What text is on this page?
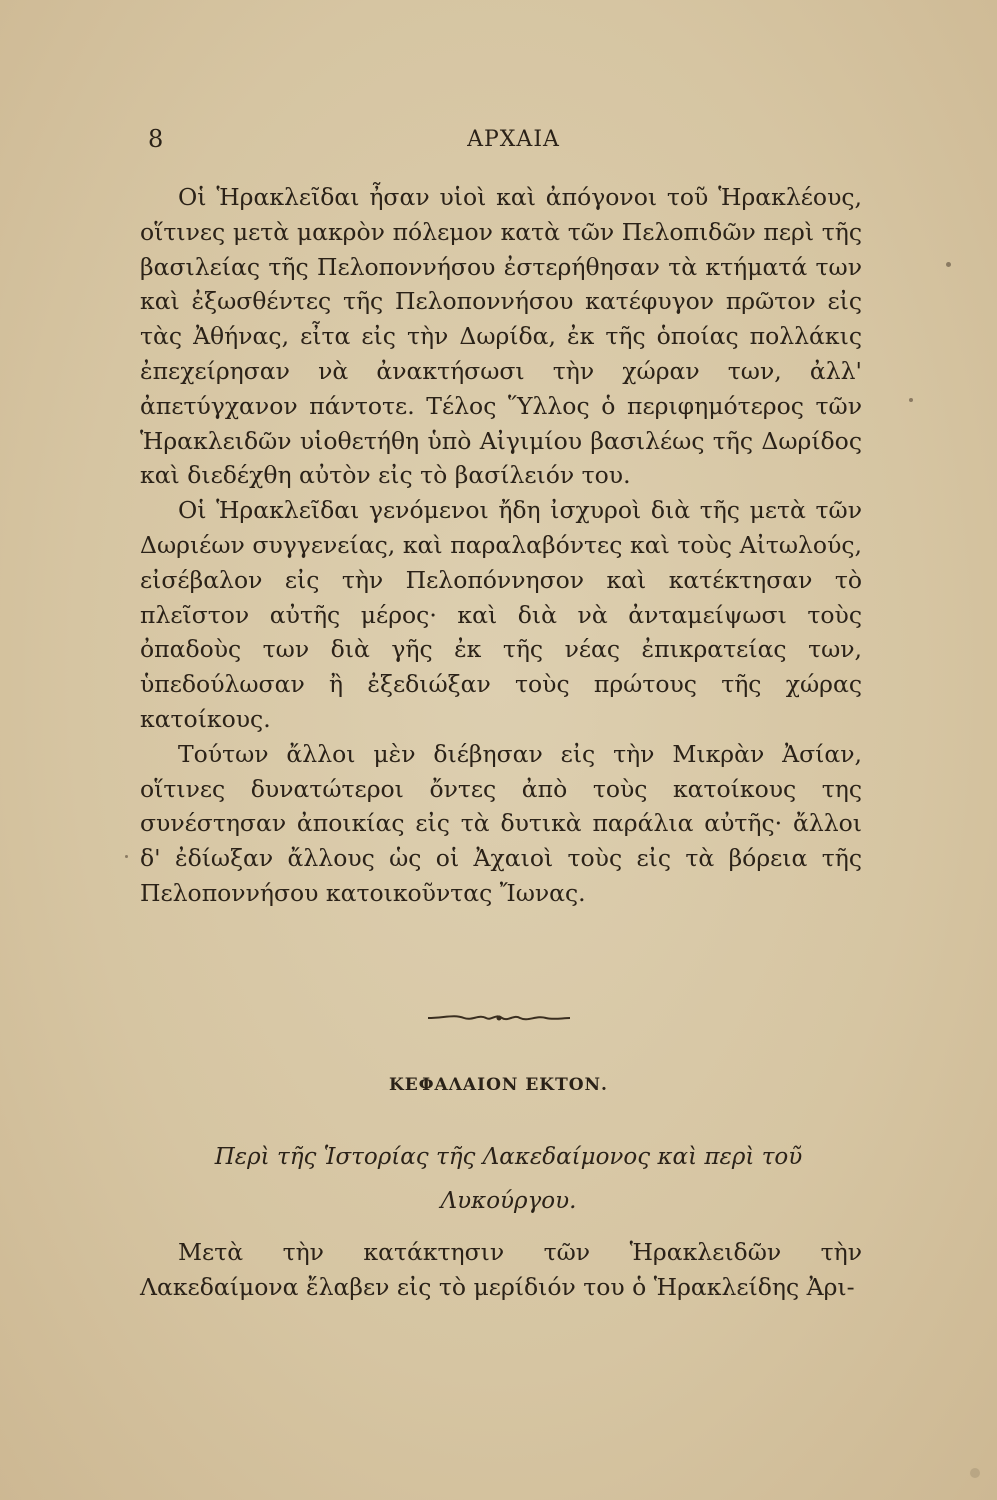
8	ΑΡΧΑΙΑ

Οἱ Ἡρακλεῖδαι ἦσαν υἱοὶ καὶ ἀπόγονοι τοῦ Ἡρακλέους, οἵτινες μετὰ μακρὸν πόλεμον κατὰ τῶν Πελοπιδῶν περὶ τῆς βασιλείας τῆς Πελοποννήσου ἐστερήθησαν τὰ κτήματά των καὶ ἐξωσθέντες τῆς Πελοποννήσου κατέφυγον πρῶτον εἰς τὰς Ἀθήνας, εἶτα εἰς τὴν Δωρίδα, ἐκ τῆς ὁποίας πολλάκις ἐπεχείρησαν νὰ ἀνακτήσωσι τὴν χώραν των, ἀλλ' ἀπετύγχανον πάντοτε. Τέλος Ὕλλος ὁ περιφημότερος τῶν Ἡρακλειδῶν υἱοθετήθη ὑπὸ Αἰγιμίου βασιλέως τῆς Δωρίδος καὶ διεδέχθη αὐτὸν εἰς τὸ βασίλειόν του.

Οἱ Ἡρακλεῖδαι γενόμενοι ἤδη ἰσχυροὶ διὰ τῆς μετὰ τῶν Δωριέων συγγενείας, καὶ παραλαβόντες καὶ τοὺς Αἰτωλούς, εἰσέβαλον εἰς τὴν Πελοπόννησον καὶ κατέκτησαν τὸ πλεῖστον αὐτῆς μέρος· καὶ διὰ νὰ ἀνταμείψωσι τοὺς ὀπαδοὺς των διὰ γῆς ἐκ τῆς νέας ἐπικρατείας των, ὑπεδούλωσαν ἢ ἐξεδιώξαν τοὺς πρώτους τῆς χώρας κατοίκους.

Τούτων ἄλλοι μὲν διέβησαν εἰς τὴν Μικρὰν Ἀσίαν, οἵτινες δυνατώτεροι ὄντες ἀπὸ τοὺς κατοίκους της συνέστησαν ἀποικίας εἰς τὰ δυτικὰ παράλια αὐτῆς· ἄλλοι δ' ἐδίωξαν ἄλλους ὡς οἱ Ἀχαιοὶ τοὺς εἰς τὰ βόρεια τῆς Πελοποννήσου κατοικοῦντας Ἴωνας.

ΚΕΦΑΛΑΙΟΝ ΕΚΤΟΝ.
Περὶ τῆς Ἱστορίας τῆς Λακεδαίμονος καὶ περὶ τοῦ Λυκούργου.

Μετὰ τὴν κατάκτησιν τῶν Ἡρακλειδῶν τὴν Λακεδαίμονα ἔλαβεν εἰς τὸ μερίδιόν του ὁ Ἡρακλείδης Ἀρι-
